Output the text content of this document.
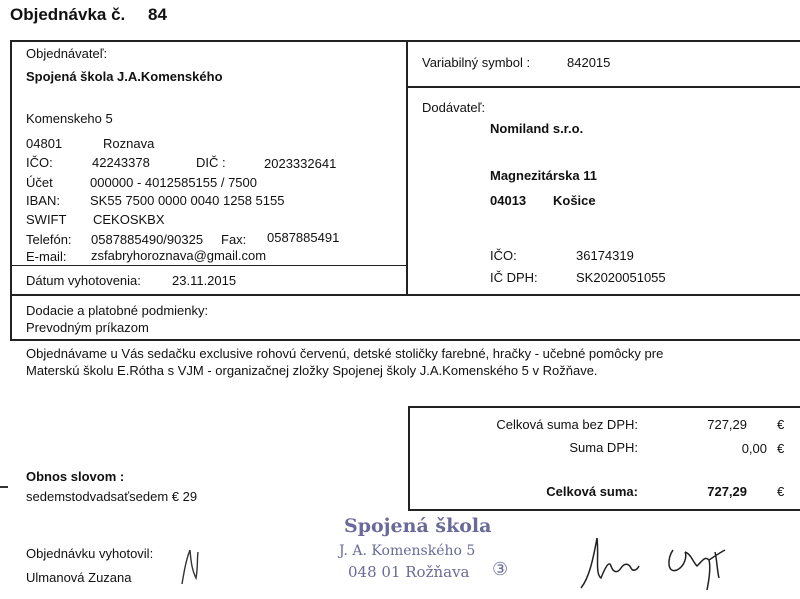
Objednávka č. 84
Objednávateľ:
Spojená škola J.A.Komenského
Komenskeho 5
04801	Roznava
IČO:	42243378	DIČ :	2023332641
Účet	000000 - 4012585155 / 7500
IBAN: SK55 7500 0000 0040 1258 5155
SWIFT CEKOSKBX
Telefón: 0587885490/90325 Fax: 0587885491
E-mail: zsfabryhoroznava@gmail.com
Dátum vyhotovenia: 23.11.2015
Variabilný symbol :	842015
Dodávateľ:
Nomiland s.r.o.
Magnezitárska 11
04013 Košice
IČO:	36174319
IČ DPH:	SK2020051055
Dodacie a platobné podmienky:
Prevodným príkazom
Objednávame u Vás sedačku exclusive rohovú červenú, detské stoličky farebné, hračky - učebné pomôcky pre
Materskú školu E.Rótha s VJM - organizačnej zložky Spojenej školy J.A.Komenského 5 v Rožňave.
Celková suma bez DPH:	727,29 €
Suma DPH:	0,00 €
Celková suma:	727,29 €
Obnos slovom :
sedemstodvadsaťsedem € 29
Objednávku vyhotovil:
Ulmanová Zuzana
Spojená škola
J. A. Komenského 5
048 01 Rožňava ③
